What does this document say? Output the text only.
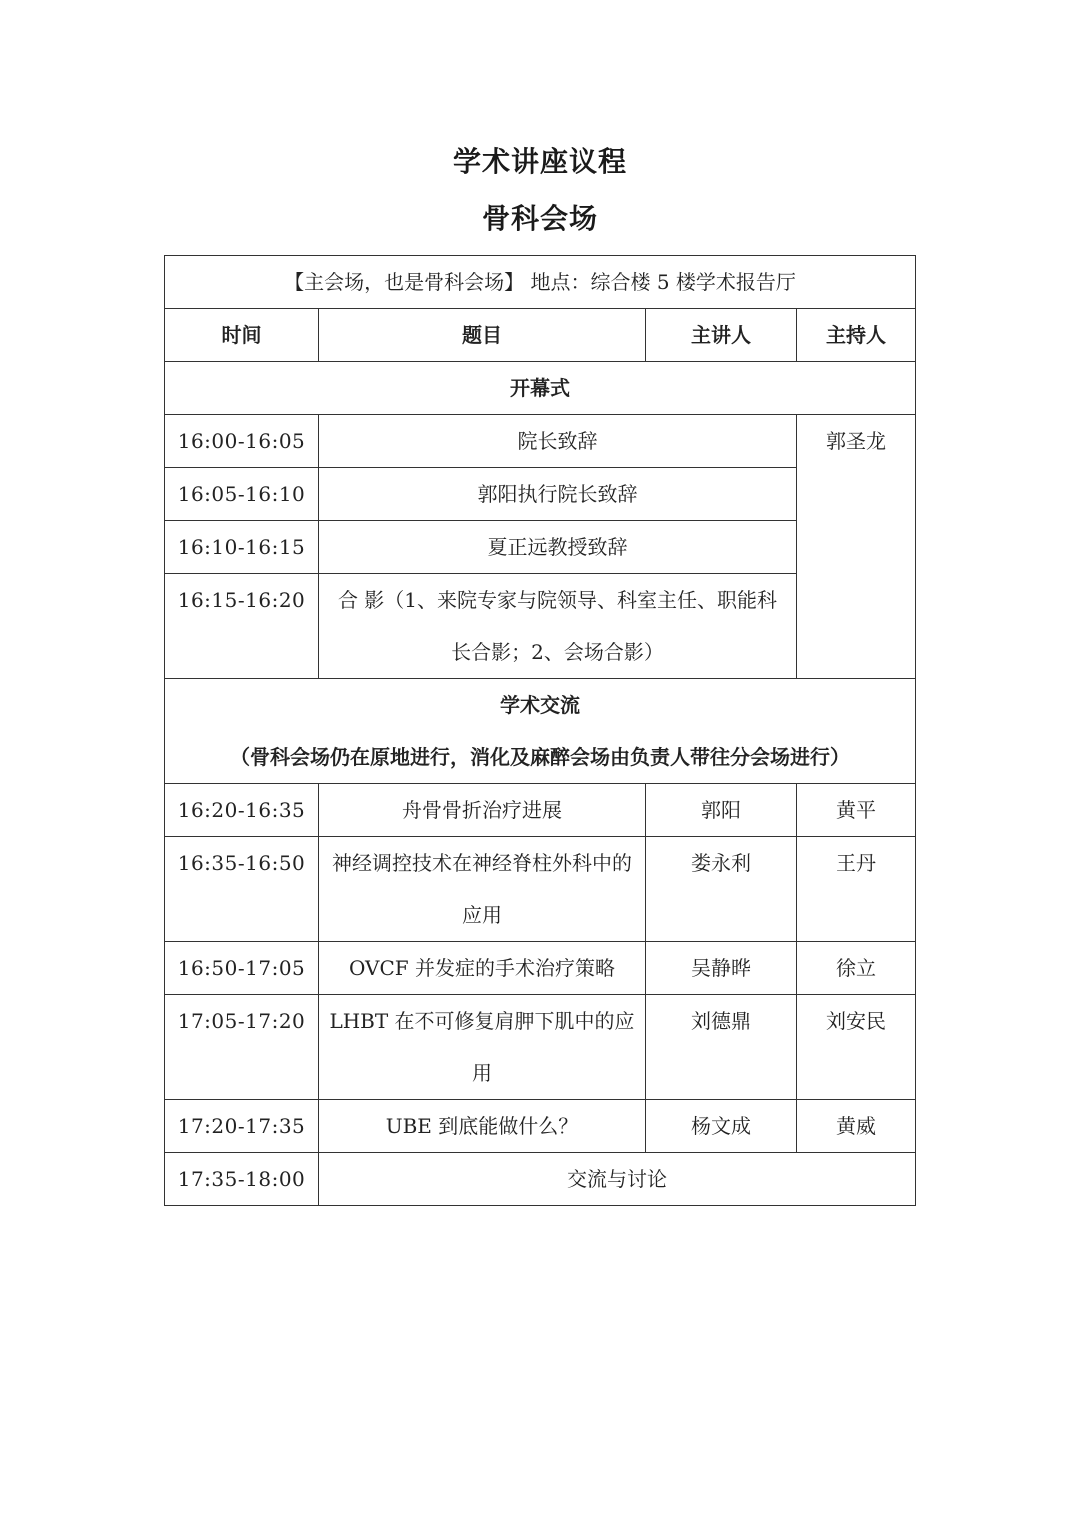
学术讲座议程
骨科会场
【主会场，也是骨科会场】 地点：综合楼 5 楼学术报告厅			

时间	题目	主讲人	主持人
开幕式			
16:00-16:05	院长致辞		郭圣龙
16:05-16:10	郭阳执行院长致辞		
16:10-16:15	夏正远教授致辞		
16:15-16:20	合 影（1、来院专家与院领导、科室主任、职能科长合影；2、会场合影）		

学术交流
（骨科会场仍在原地进行，消化及麻醉会场由负责人带往分会场进行）			

16:20-16:35	舟骨骨折治疗进展	郭阳	黄平
16:35-16:50	神经调控技术在神经脊柱外科中的应用	娄永利	王丹
16:50-17:05	OVCF 并发症的手术治疗策略	吴静晔	徐立
17:05-17:20	LHBT 在不可修复肩胛下肌中的应用	刘德鼎	刘安民
17:20-17:35	UBE 到底能做什么？	杨文成	黄威
17:35-18:00	交流与讨论		
